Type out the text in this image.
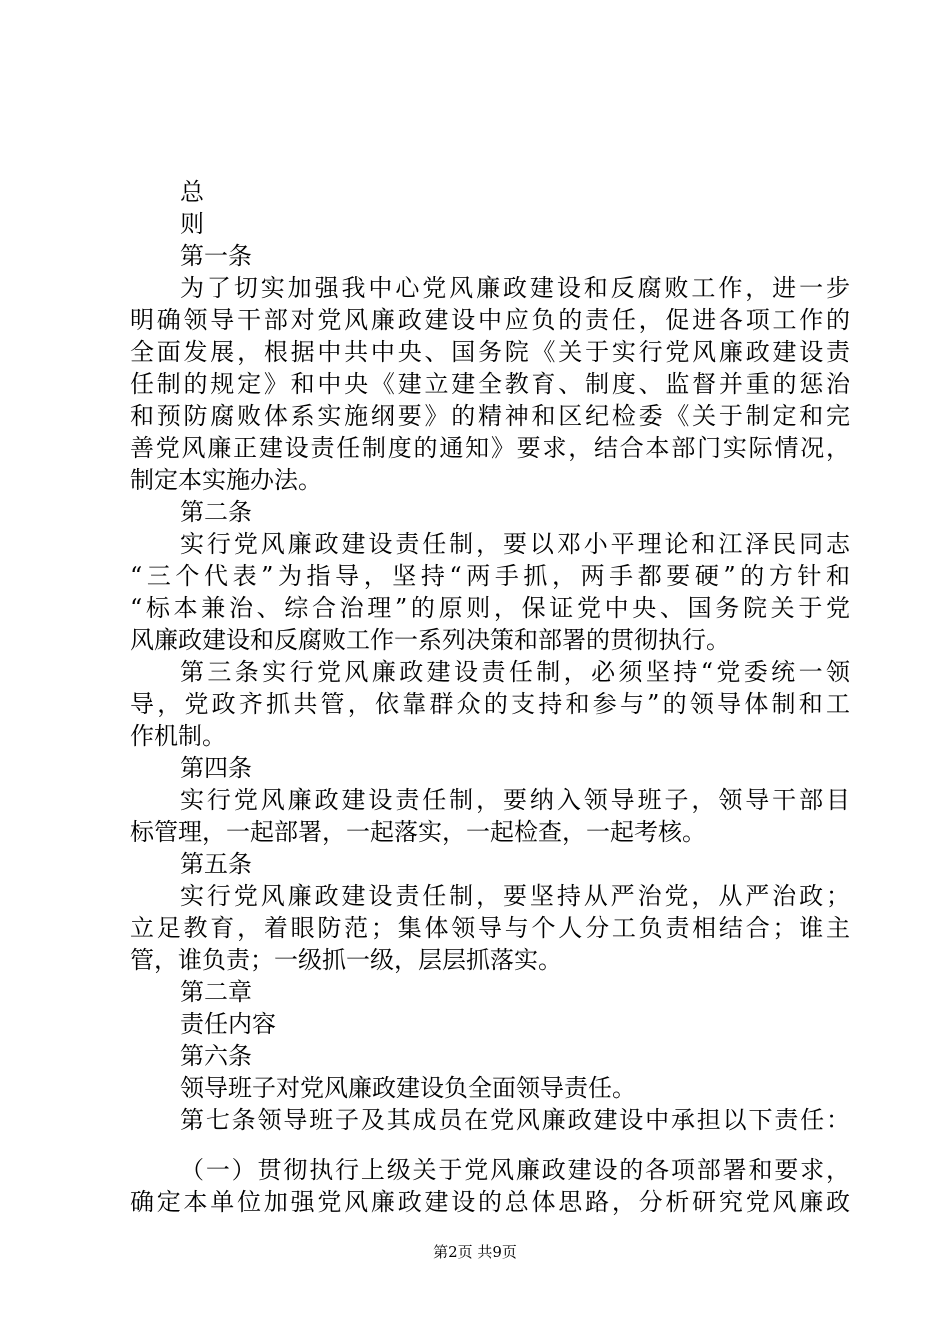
总
则
第一条
为了切实加强我中心党风廉政建设和反腐败工作，进一步
明确领导干部对党风廉政建设中应负的责任，促进各项工作的
全面发展，根据中共中央、国务院《关于实行党风廉政建设责
任制的规定》和中央《建立建全教育、制度、监督并重的惩治
和预防腐败体系实施纲要》的精神和区纪检委《关于制定和完
善党风廉正建设责任制度的通知》要求，结合本部门实际情况，
制定本实施办法。
第二条
实行党风廉政建设责任制，要以邓小平理论和江泽民同志
“三个代表”为指导，坚持“两手抓，两手都要硬”的方针和
“标本兼治、综合治理”的原则，保证党中央、国务院关于党
风廉政建设和反腐败工作一系列决策和部署的贯彻执行。
第三条实行党风廉政建设责任制，必须坚持“党委统一领
导，党政齐抓共管，依靠群众的支持和参与”的领导体制和工
作机制。
第四条
实行党风廉政建设责任制，要纳入领导班子，领导干部目
标管理，一起部署，一起落实，一起检查，一起考核。
第五条
实行党风廉政建设责任制，要坚持从严治党，从严治政；
立足教育，着眼防范；集体领导与个人分工负责相结合；谁主
管，谁负责；一级抓一级，层层抓落实。
第二章
责任内容
第六条
领导班子对党风廉政建设负全面领导责任。
第七条领导班子及其成员在党风廉政建设中承担以下责任：
（一）贯彻执行上级关于党风廉政建设的各项部署和要求，
确定本单位加强党风廉政建设的总体思路，分析研究党风廉政
第2页 共9页
